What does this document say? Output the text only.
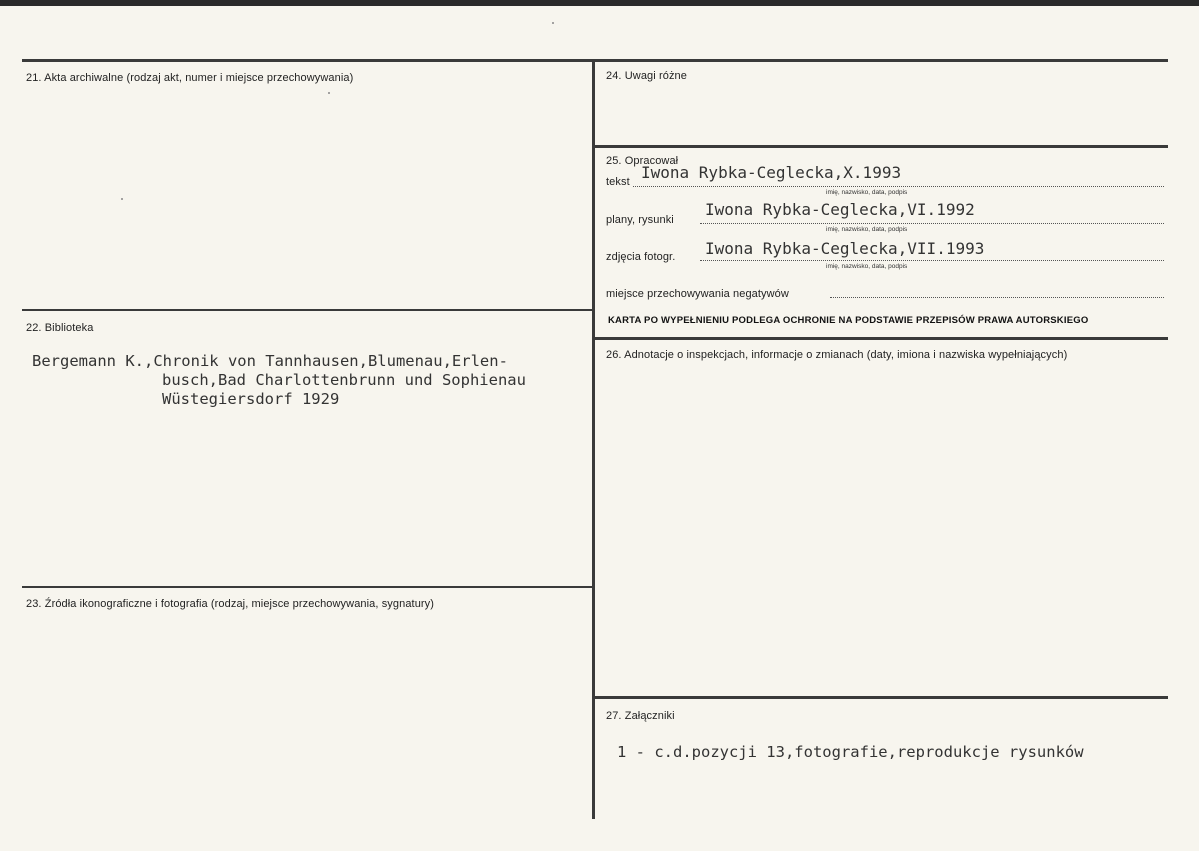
21. Akta archiwalne (rodzaj akt, numer i miejsce przechowywania)
22. Biblioteka
Bergemann K.,Chronik von Tannhausen,Blumenau,Erlen-
busch,Bad Charlottenbrunn und Sophienau
Wüstegiersdorf 1929
23. Źródła ikonograficzne i fotografia (rodzaj, miejsce przechowywania, sygnatury)
24. Uwagi różne
25. Opracował
tekst Iwona Rybka-Ceglecka,X.1993
imię, nazwisko, data, podpis
plany, rysunki
Iwona Rybka-Ceglecka,VI.1992
imię, nazwisko, data, podpis
zdjęcia fotogr. Iwona Rybka-Ceglecka,VII.1993
imię, nazwisko, data, podpis
miejsce przechowywania negatywów
KARTA PO WYPEŁNIENIU PODLEGA OCHRONIE NA PODSTAWIE PRZEPISÓW PRAWA AUTORSKIEGO
26. Adnotacje o inspekcjach, informacje o zmianach (daty, imiona i nazwiska wypełniających)
27. Załączniki
1 - c.d.pozycji 13,fotografie,reprodukcje rysunków
